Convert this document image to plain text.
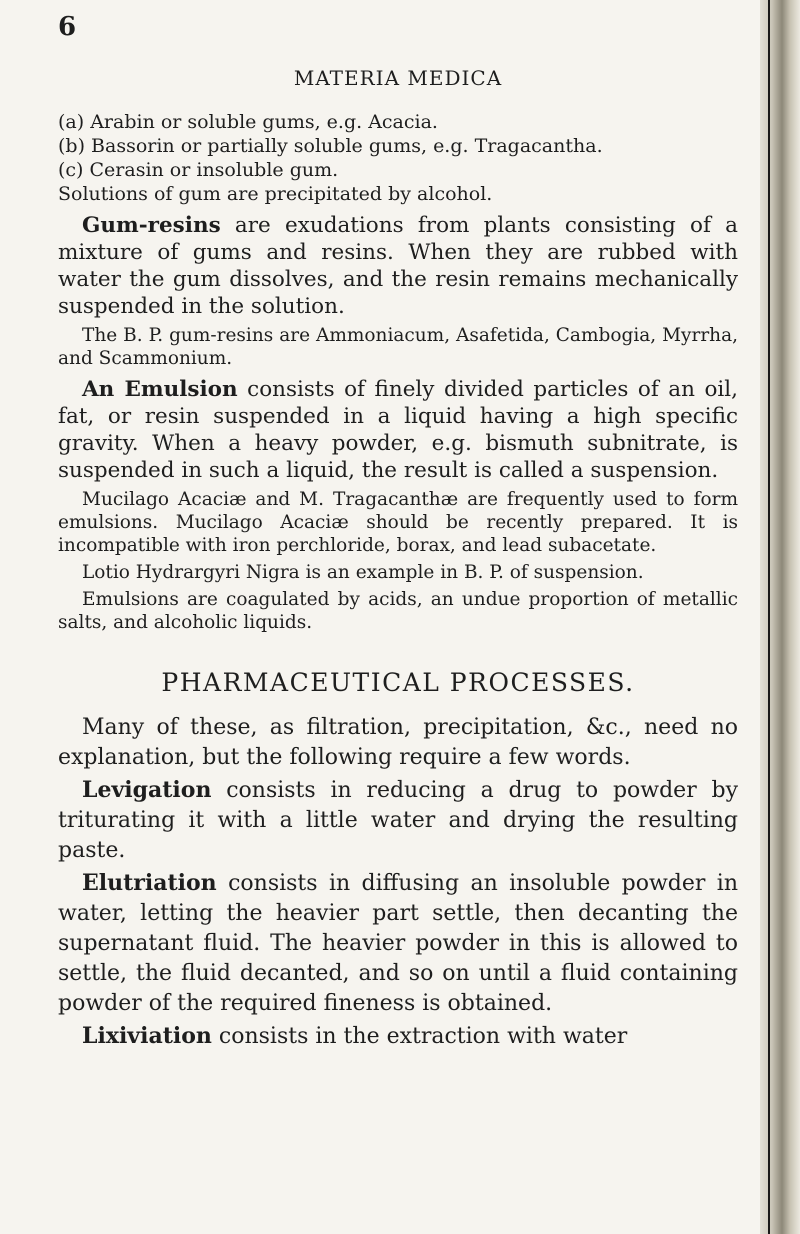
6
MATERIA MEDICA

(a) Arabin or soluble gums, e.g. Acacia.

(b) Bassorin or partially soluble gums, e.g. Tragacantha.

(c) Cerasin or insoluble gum.

Solutions of gum are precipitated by alcohol.

Gum-resins are exudations from plants consisting of a mixture of gums and resins. When they are rubbed with water the gum dissolves, and the resin remains mechanically suspended in the solution.

The B. P. gum-resins are Ammoniacum, Asafetida, Cambogia, Myrrha, and Scammonium.

An Emulsion consists of finely divided particles of an oil, fat, or resin suspended in a liquid having a high specific gravity. When a heavy powder, e.g. bismuth subnitrate, is suspended in such a liquid, the result is called a suspension.

Mucilago Acaciæ and M. Tragacanthæ are frequently used to form emulsions. Mucilago Acaciæ should be recently prepared. It is incompatible with iron perchloride, borax, and lead subacetate.

Lotio Hydrargyri Nigra is an example in B. P. of suspension.

Emulsions are coagulated by acids, an undue proportion of metallic salts, and alcoholic liquids.

PHARMACEUTICAL PROCESSES.

Many of these, as filtration, precipitation, &c., need no explanation, but the following require a few words.

Levigation consists in reducing a drug to powder by triturating it with a little water and drying the resulting paste.

Elutriation consists in diffusing an insoluble powder in water, letting the heavier part settle, then decanting the supernatant fluid. The heavier powder in this is allowed to settle, the fluid decanted, and so on until a fluid containing powder of the required fineness is obtained.

Lixiviation consists in the extraction with water
